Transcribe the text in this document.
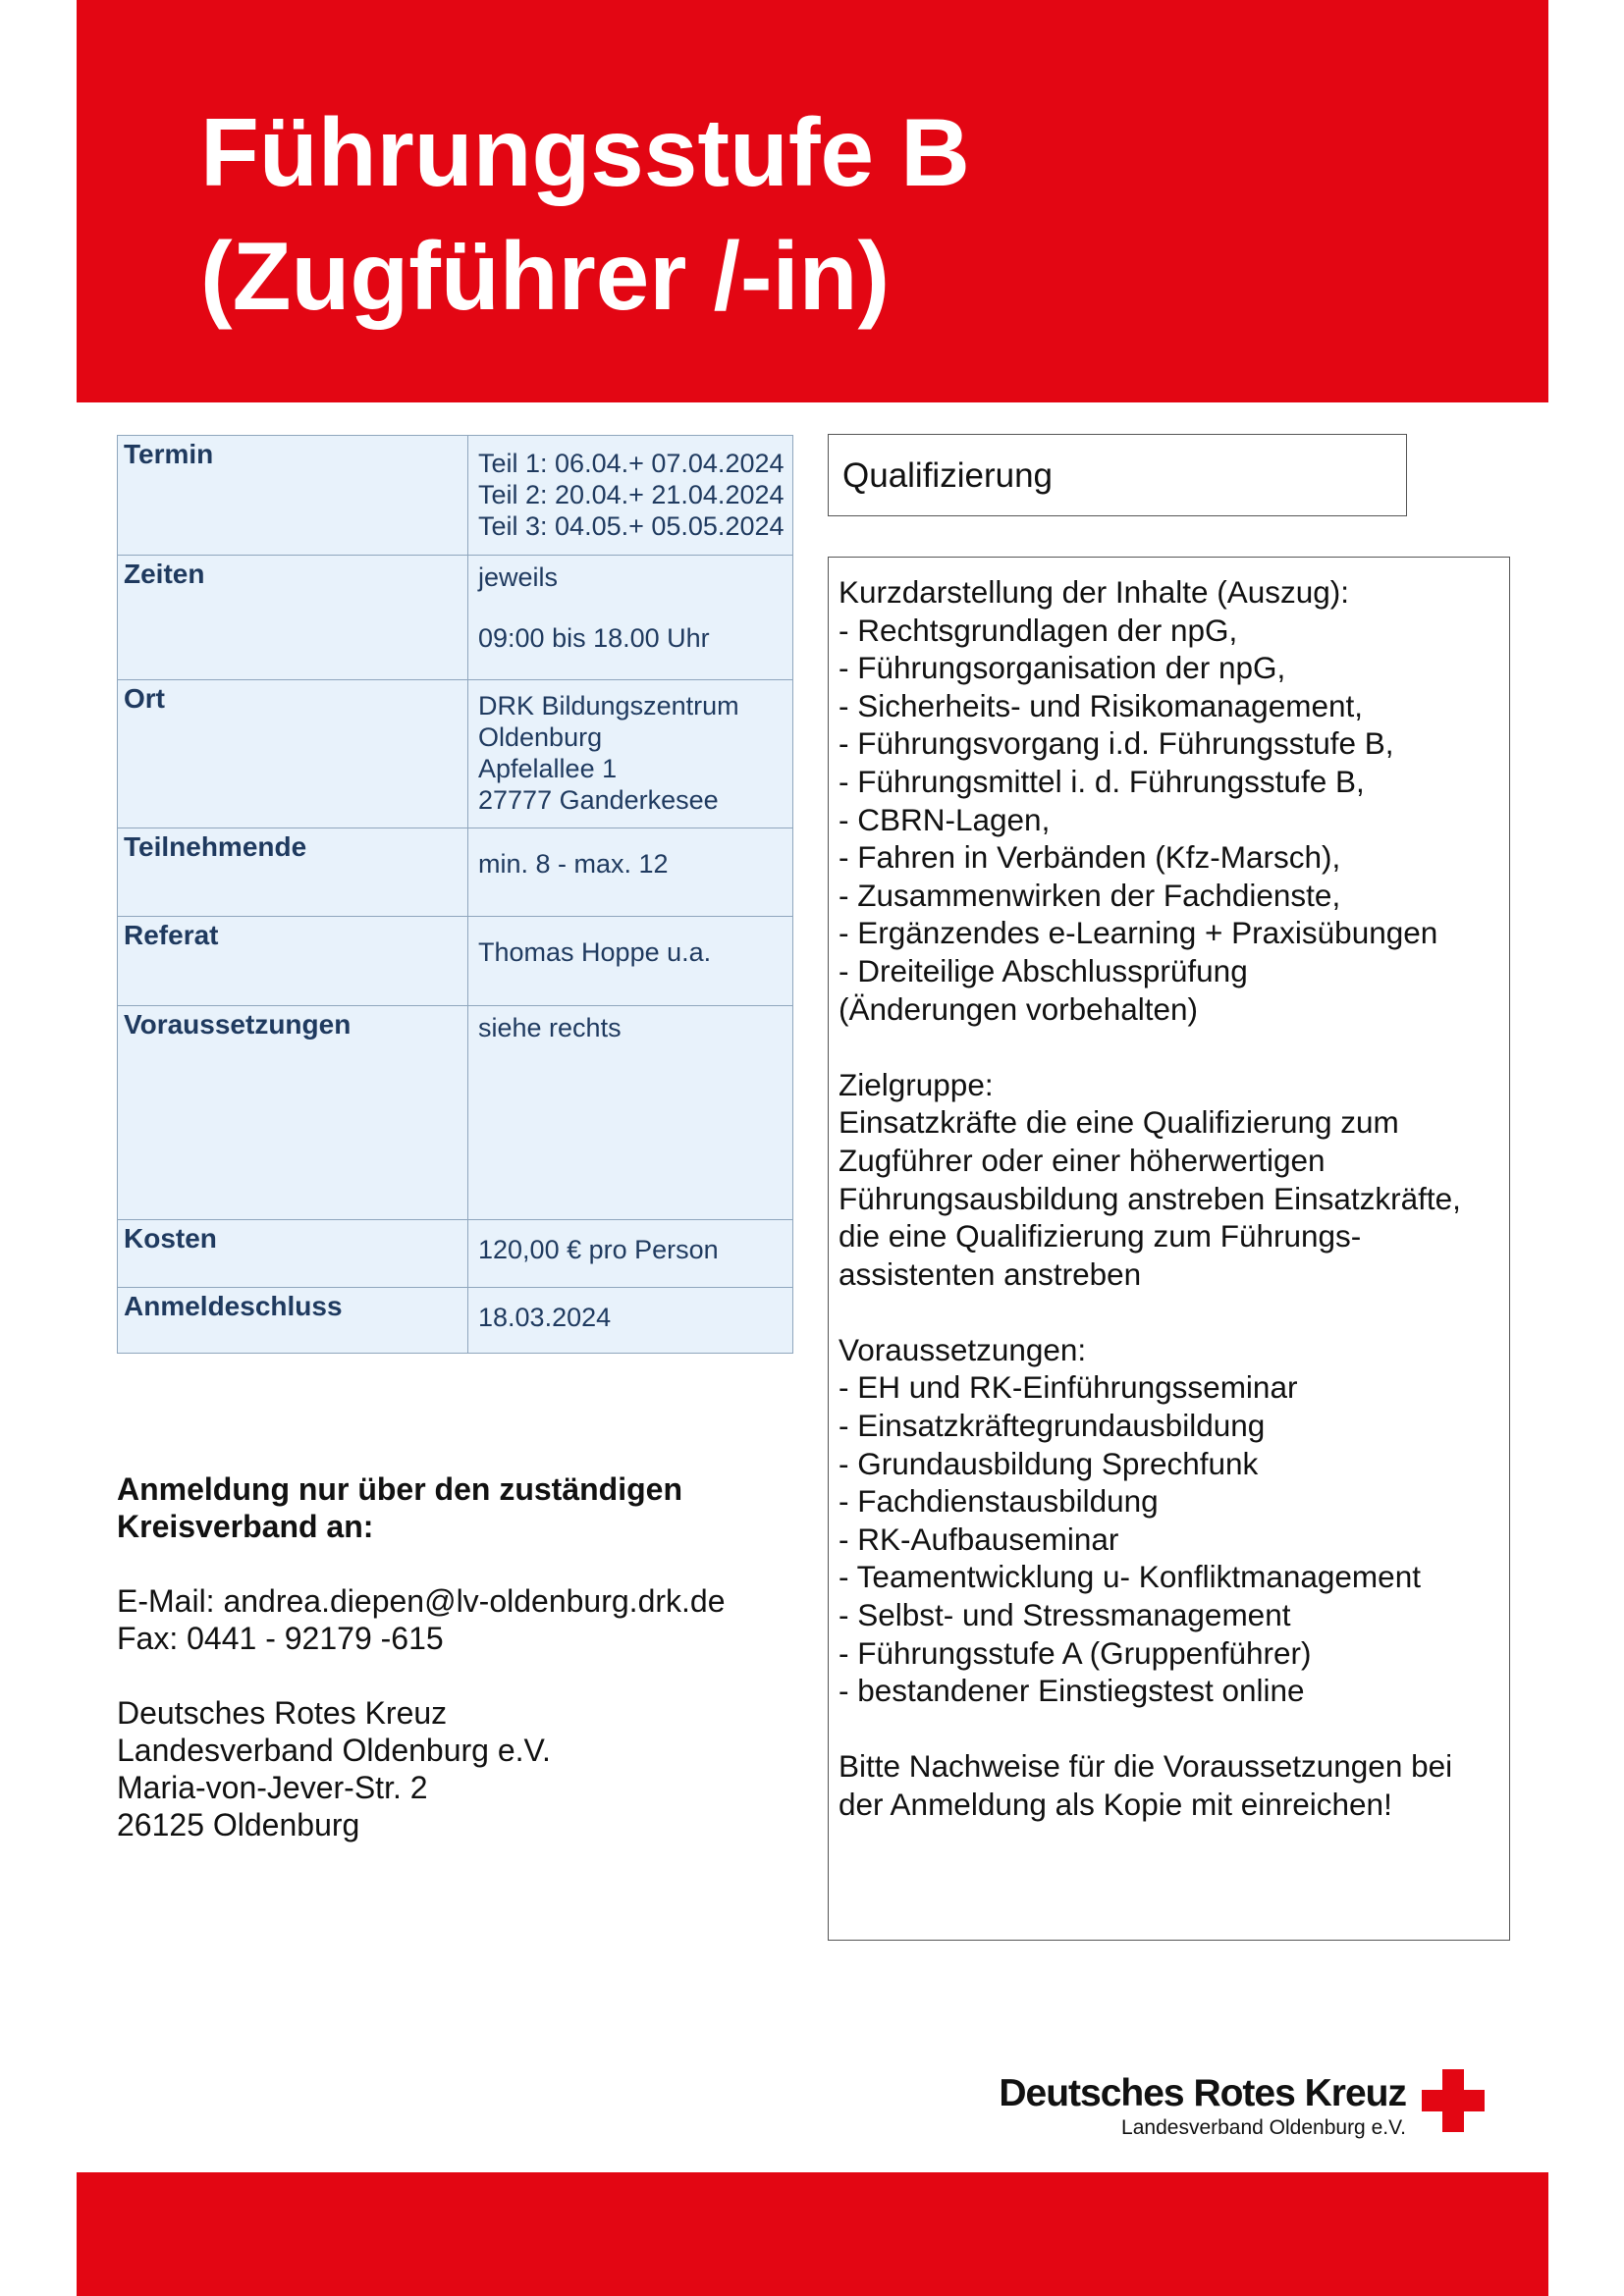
Führungsstufe B
(Zugführer /-in)
Termin	Teil 1: 06.04.+ 07.04.2024
Teil 2: 20.04.+ 21.04.2024
Teil 3: 04.05.+ 05.05.2024

Zeiten	jeweils
09:00 bis 18.00 Uhr

Ort	DRK Bildungszentrum
Oldenburg
Apfelallee 1
27777 Ganderkesee

Teilnehmende	min. 8 - max. 12

Referat	Thomas Hoppe u.a.

Voraussetzungen	siehe rechts

Kosten	120,00 € pro Person

Anmeldeschluss	18.03.2024
Anmeldung nur über den zuständigen
Kreisverband an:
E-Mail: andrea.diepen@lv-oldenburg.drk.de
Fax: 0441 - 92179 -615
Deutsches Rotes Kreuz
Landesverband Oldenburg e.V.
Maria-von-Jever-Str. 2
26125 Oldenburg
Qualifizierung
Kurzdarstellung der Inhalte (Auszug):
- Rechtsgrundlagen der npG,
- Führungsorganisation der npG,
- Sicherheits- und Risikomanagement,
- Führungsvorgang i.d. Führungsstufe B,
- Führungsmittel i. d. Führungsstufe B,
- CBRN-Lagen,
- Fahren in Verbänden (Kfz-Marsch),
- Zusammenwirken der Fachdienste,
- Ergänzendes e-Learning + Praxisübungen
- Dreiteilige Abschlussprüfung
(Änderungen vorbehalten)
Zielgruppe:
Einsatzkräfte die eine Qualifizierung zum
Zugführer oder einer höherwertigen
Führungsausbildung anstreben Einsatzkräfte,
die eine Qualifizierung zum Führungs-
assistenten anstreben
Voraussetzungen:
- EH und RK-Einführungsseminar
- Einsatzkräftegrundausbildung
- Grundausbildung Sprechfunk
- Fachdienstausbildung
- RK-Aufbauseminar
- Teamentwicklung u- Konfliktmanagement
- Selbst- und Stressmanagement
- Führungsstufe A (Gruppenführer)
- bestandener Einstiegstest online
Bitte Nachweise für die Voraussetzungen bei
der Anmeldung als Kopie mit einreichen!
Deutsches Rotes Kreuz
Landesverband Oldenburg e.V.
